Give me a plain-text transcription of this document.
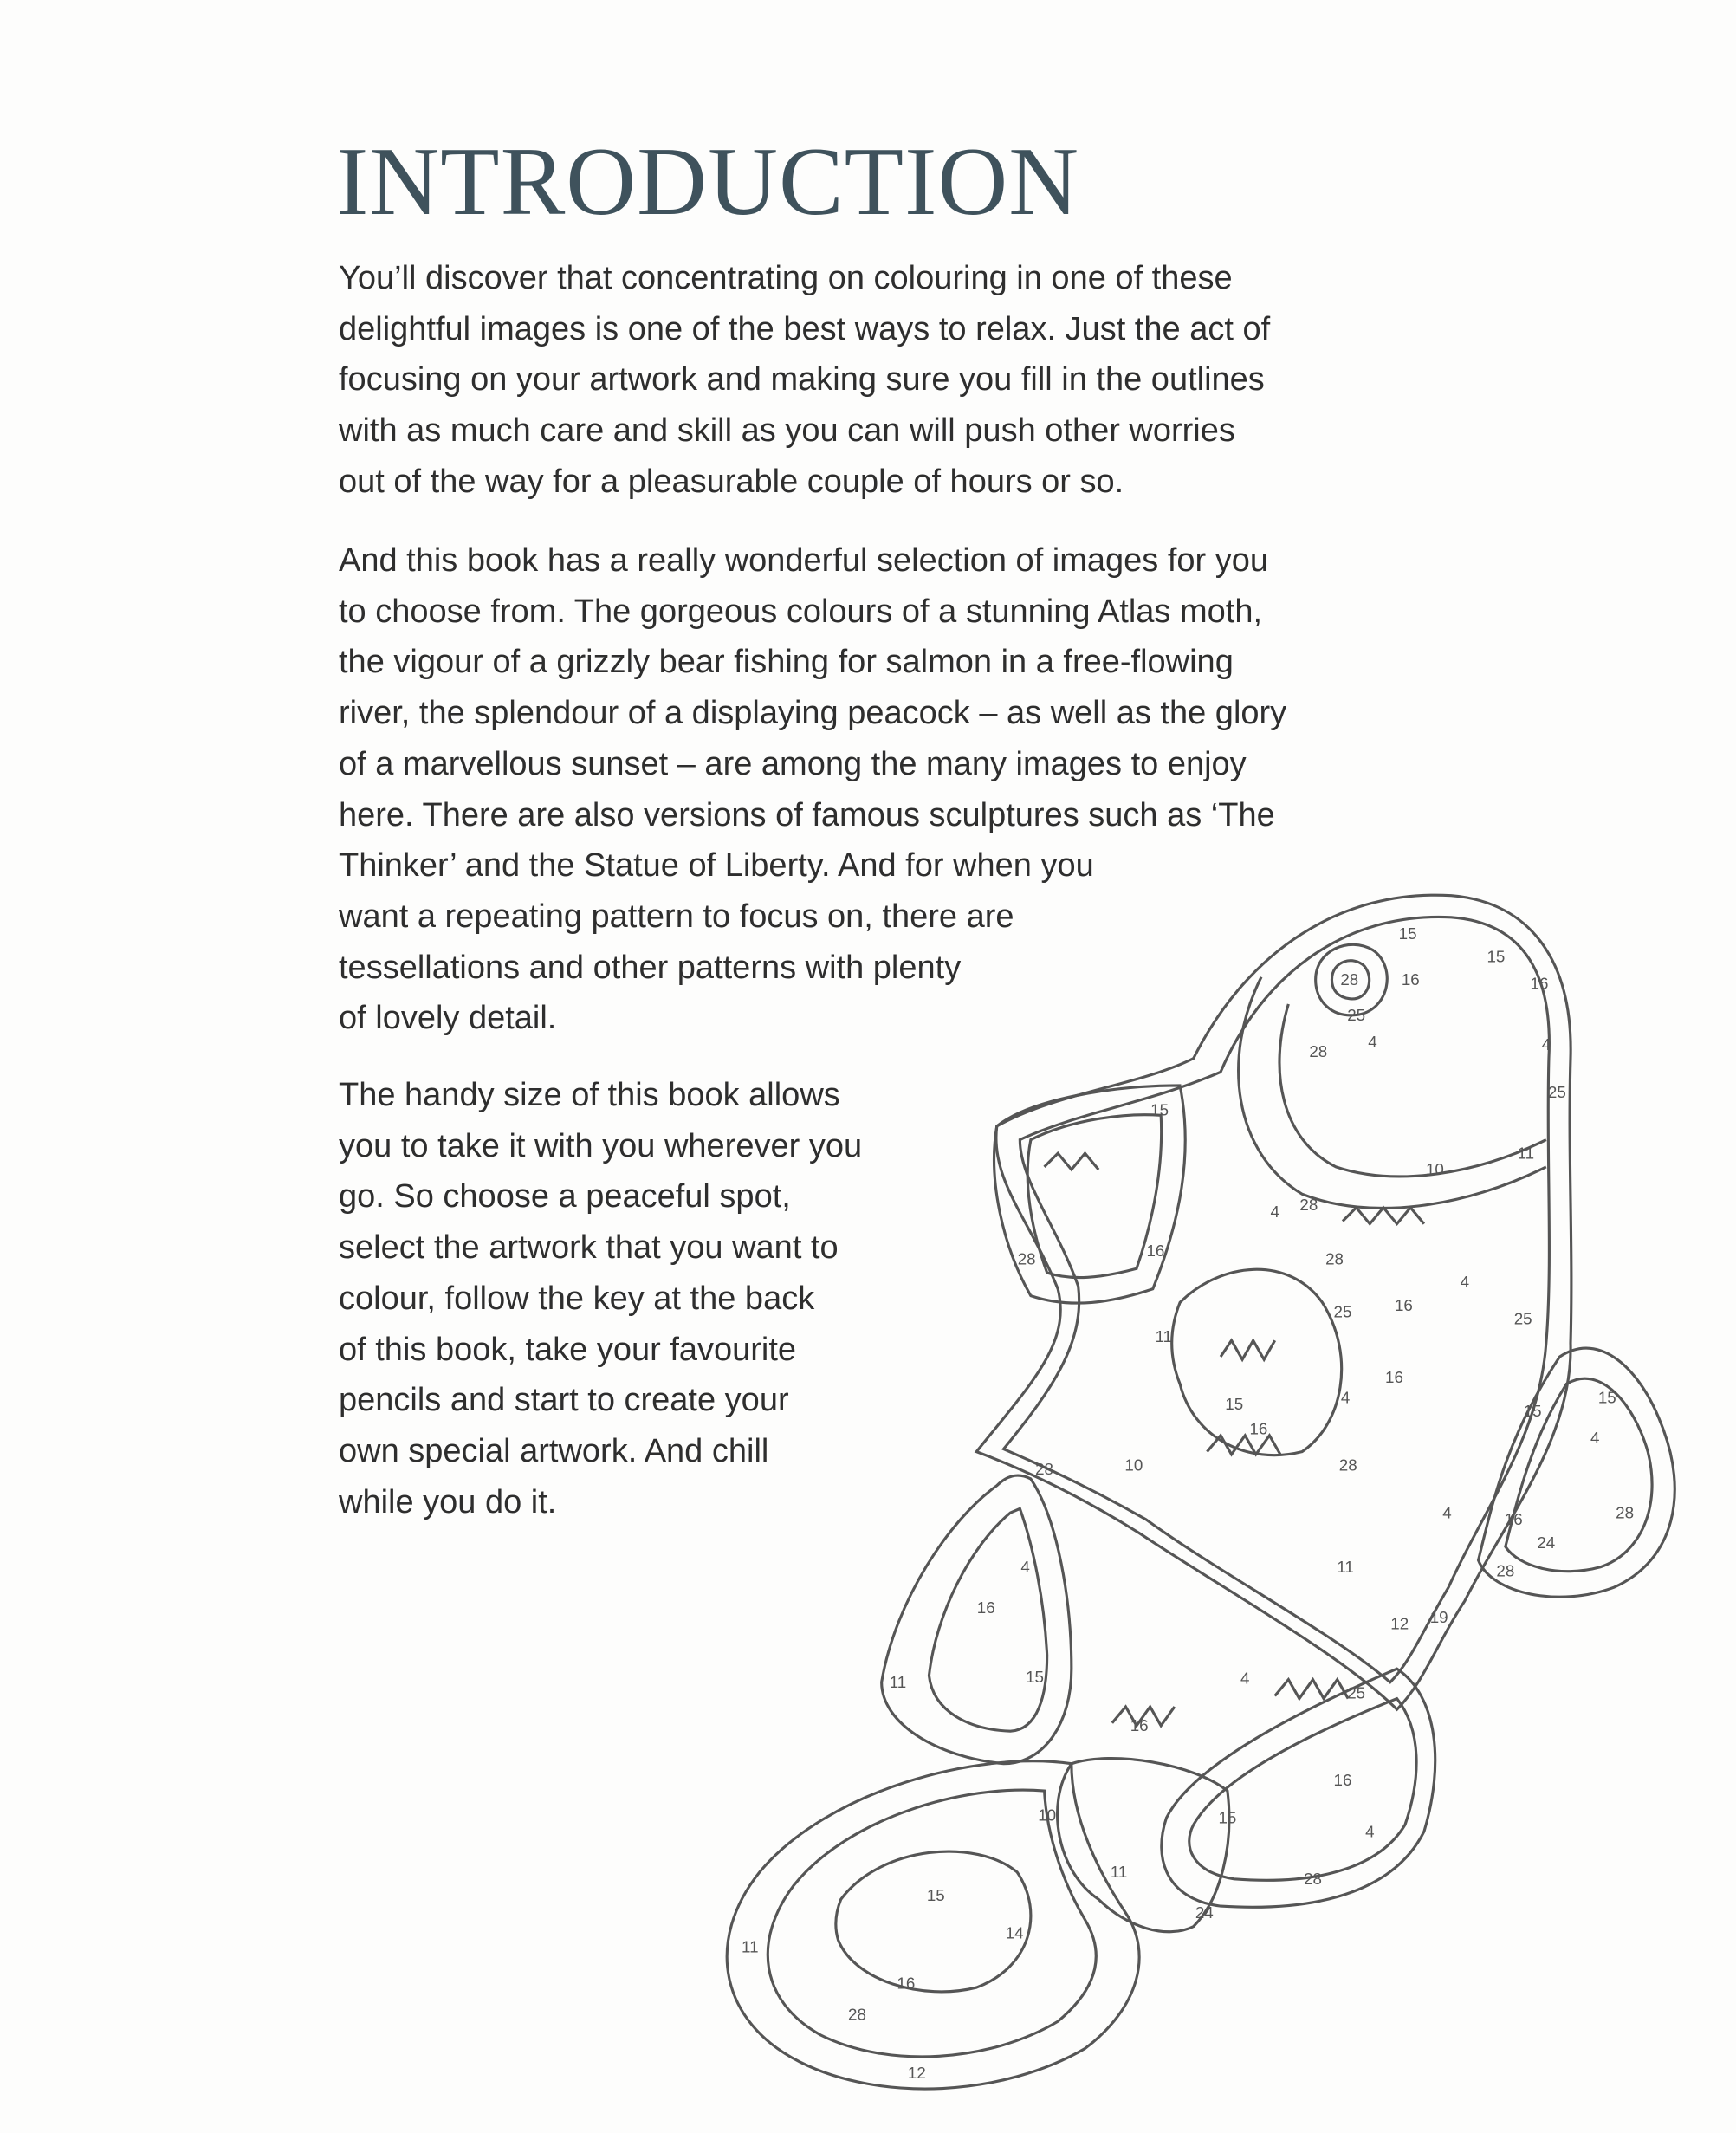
INTRODUCTION
You’ll discover that concentrating on colouring in one of these
delightful images is one of the best ways to relax. Just the act of
focusing on your artwork and making sure you fill in the outlines
with as much care and skill as you can will push other worries
out of the way for a pleasurable couple of hours or so.
And this book has a really wonderful selection of images for you
to choose from. The gorgeous colours of a stunning Atlas moth,
the vigour of a grizzly bear fishing for salmon in a free-flowing
river, the splendour of a displaying peacock – as well as the glory
of a marvellous sunset – are among the many images to enjoy
here. There are also versions of famous sculptures such as ‘The
Thinker’ and the Statue of Liberty. And for when you
want a repeating pattern to focus on, there are
tessellations and other patterns with plenty
of lovely detail.
The handy size of this book allows
you to take it with you wherever you
go. So choose a peaceful spot,
select the artwork that you want to
colour, follow the key at the back
of this book, take your favourite
pencils and start to create your
own special artwork. And chill
while you do it.
15
15
16
28	16
25
4
28	4
25
15
11
10
28
4
28	16	28
4
25
16
25
11
16
15
15
4
15
16
4
28	10	28
4	16
24
28
28
11
12 19
4
16
4
11	15
25
16
16
15
4
10
11	28
24
15
14
11
16
28
12
